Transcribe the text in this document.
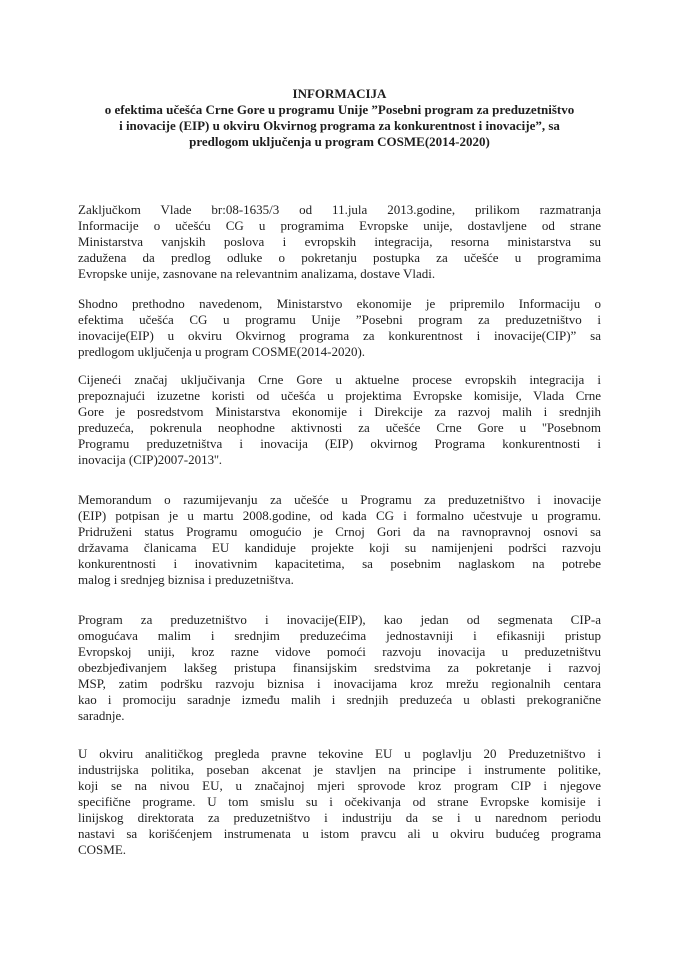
INFORMACIJA
o efektima učešća Crne Gore u programu Unije ”Posebni program za preduzetništvo
i inovacije (EIP) u okviru Okvirnog programa za konkurentnost i inovacije”, sa
predlogom uključenja u program COSME(2014-2020)
Zaključkom Vlade br:08-1635/3 od 11.jula 2013.godine, prilikom razmatranja
Informacije o učešću CG u programima Evropske unije, dostavljene od strane
Ministarstva vanjskih poslova i evropskih integracija, resorna ministarstva su
zadužena da predlog odluke o pokretanju postupka za učešće u programima
Evropske unije, zasnovane na relevantnim analizama, dostave Vladi.
Shodno prethodno navedenom, Ministarstvo ekonomije je pripremilo Informaciju o
efektima učešća CG u programu Unije ”Posebni program za preduzetništvo i
inovacije(EIP) u okviru Okvirnog programa za konkurentnost i inovacije(CIP)” sa
predlogom uključenja u program COSME(2014-2020).
Cijeneći značaj uključivanja Crne Gore u aktuelne procese evropskih integracija i
prepoznajući izuzetne koristi od učešća u projektima Evropske komisije, Vlada Crne
Gore je posredstvom Ministarstva ekonomije i Direkcije za razvoj malih i srednjih
preduzeća, pokrenula neophodne aktivnosti za učešće Crne Gore u ''Posebnom
Programu preduzetništva i inovacija (EIP) okvirnog Programa konkurentnosti i
inovacija (CIP)2007-2013''.
Memorandum o razumijevanju za učešće u Programu za preduzetništvo i inovacije
(EIP) potpisan je u martu 2008.godine, od kada CG i formalno učestvuje u programu.
Pridruženi status Programu omogućio je Crnoj Gori da na ravnopravnoj osnovi sa
državama članicama EU kandiduje projekte koji su namijenjeni podršci razvoju
konkurentnosti i inovativnim kapacitetima, sa posebnim naglaskom na potrebe
malog i srednjeg biznisa i preduzetništva.
Program za preduzetništvo i inovacije(EIP), kao jedan od segmenata CIP-a
omogućava malim i srednjim preduzećima jednostavniji i efikasniji pristup
Evropskoj uniji, kroz razne vidove pomoći razvoju inovacija u preduzetništvu
obezbjeđivanjem lakšeg pristupa finansijskim sredstvima za pokretanje i razvoj
MSP, zatim podršku razvoju biznisa i inovacijama kroz mrežu regionalnih centara
kao i promociju saradnje između malih i srednjih preduzeća u oblasti prekogranične
saradnje.
U okviru analitičkog pregleda pravne tekovine EU u poglavlju 20 Preduzetništvo i
industrijska politika, poseban akcenat je stavljen na principe i instrumente politike,
koji se na nivou EU, u značajnoj mjeri sprovode kroz program CIP i njegove
specifične programe. U tom smislu su i očekivanja od strane Evropske komisije i
linijskog direktorata za preduzetništvo i industriju da se i u narednom periodu
nastavi sa korišćenjem instrumenata u istom pravcu ali u okviru budućeg programa
COSME.
